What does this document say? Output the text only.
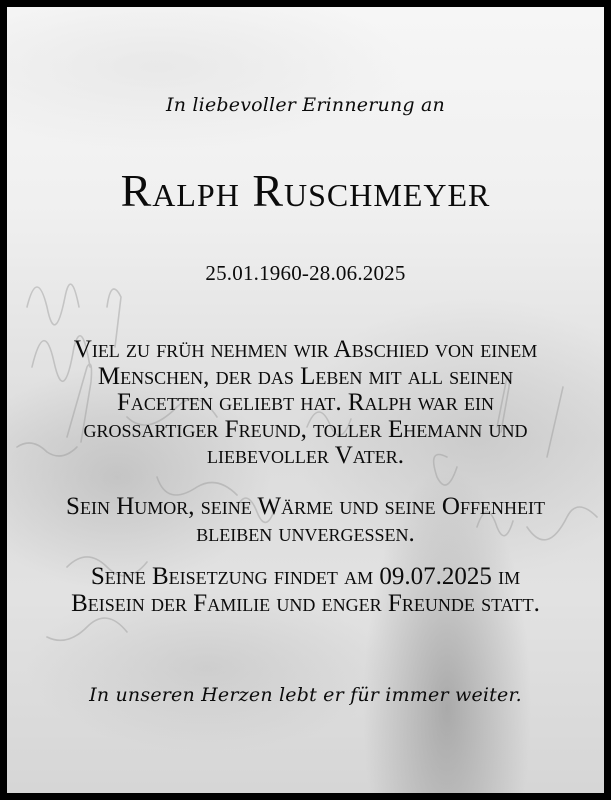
In liebevoller Erinnerung an
Ralph Ruschmeyer
25.01.1960-28.06.2025
Viel zu früh nehmen wir Abschied von einem
Menschen, der das Leben mit all seinen
Facetten geliebt hat. Ralph war ein
großartiger Freund, toller Ehemann und
liebevoller Vater.
Sein Humor, seine Wärme und seine Offenheit
bleiben unvergessen.
Seine Beisetzung findet am 09.07.2025 im
Beisein der Familie und enger Freunde statt.
In unseren Herzen lebt er für immer weiter.
